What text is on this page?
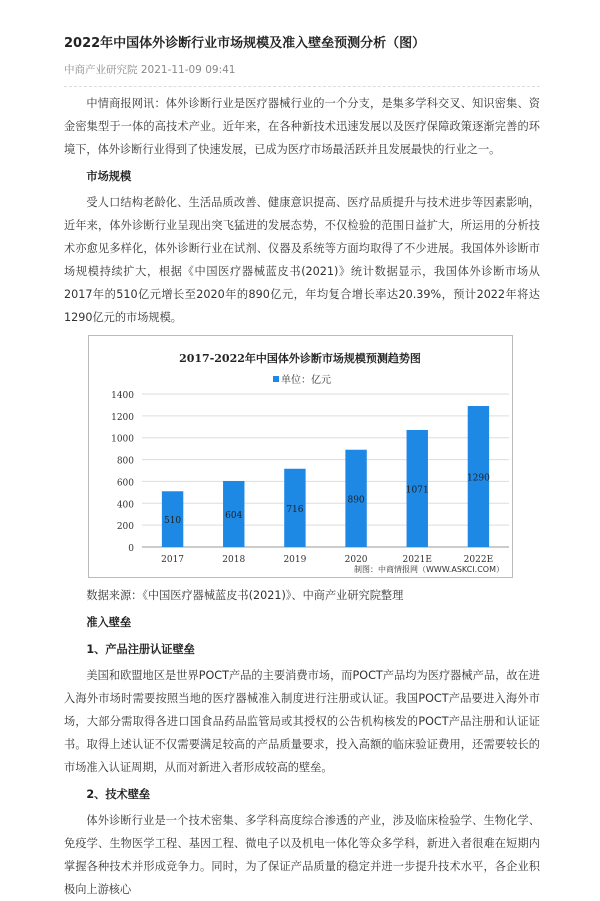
2022年中国体外诊断行业市场规模及准入壁垒预测分析（图）
中商产业研究院 2021-11-09 09:41

中情商报网讯：体外诊断行业是医疗器械行业的一个分支，是集多学科交叉、知识密集、资金密集型于一体的高技术产业。近年来，在各种新技术迅速发展以及医疗保障政策逐渐完善的环境下，体外诊断行业得到了快速发展，已成为医疗市场最活跃并且发展最快的行业之一。

市场规模

受人口结构老龄化、生活品质改善、健康意识提高、医疗品质提升与技术进步等因素影响，近年来，体外诊断行业呈现出突飞猛进的发展态势，不仅检验的范围日益扩大，所运用的分析技术亦愈见多样化，体外诊断行业在试剂、仪器及系统等方面均取得了不少进展。我国体外诊断市场规模持续扩大，根据《中国医疗器械蓝皮书(2021)》统计数据显示，我国体外诊断市场从2017年的510亿元增长至2020年的890亿元，年均复合增长率达20.39%，预计2022年将达1290亿元的市场规模。

2017-2022年中国体外诊断市场规模预测趋势图
单位：亿元
0
200
400
600
800
1000
1200
1400
510
2017
604
2018
716
2019
890
2020
1071
2021E
1290
2022E
制图：中商情报网（WWW.ASKCI.COM）

数据来源：《中国医疗器械蓝皮书(2021)》、中商产业研究院整理

准入壁垒
1、产品注册认证壁垒

美国和欧盟地区是世界POCT产品的主要消费市场，而POCT产品均为医疗器械产品，故在进入海外市场时需要按照当地的医疗器械准入制度进行注册或认证。我国POCT产品要进入海外市场，大部分需取得各进口国食品药品监管局或其授权的公告机构核发的POCT产品注册和认证证书。取得上述认证不仅需要满足较高的产品质量要求，投入高额的临床验证费用，还需要较长的市场准入认证周期，从而对新进入者形成较高的壁垒。

2、技术壁垒

体外诊断行业是一个技术密集、多学科高度综合渗透的产业，涉及临床检验学、生物化学、免疫学、生物医学工程、基因工程、微电子以及机电一体化等众多学科，新进入者很难在短期内掌握各种技术并形成竞争力。同时，为了保证产品质量的稳定并进一步提升技术水平，各企业积极向上游核心
